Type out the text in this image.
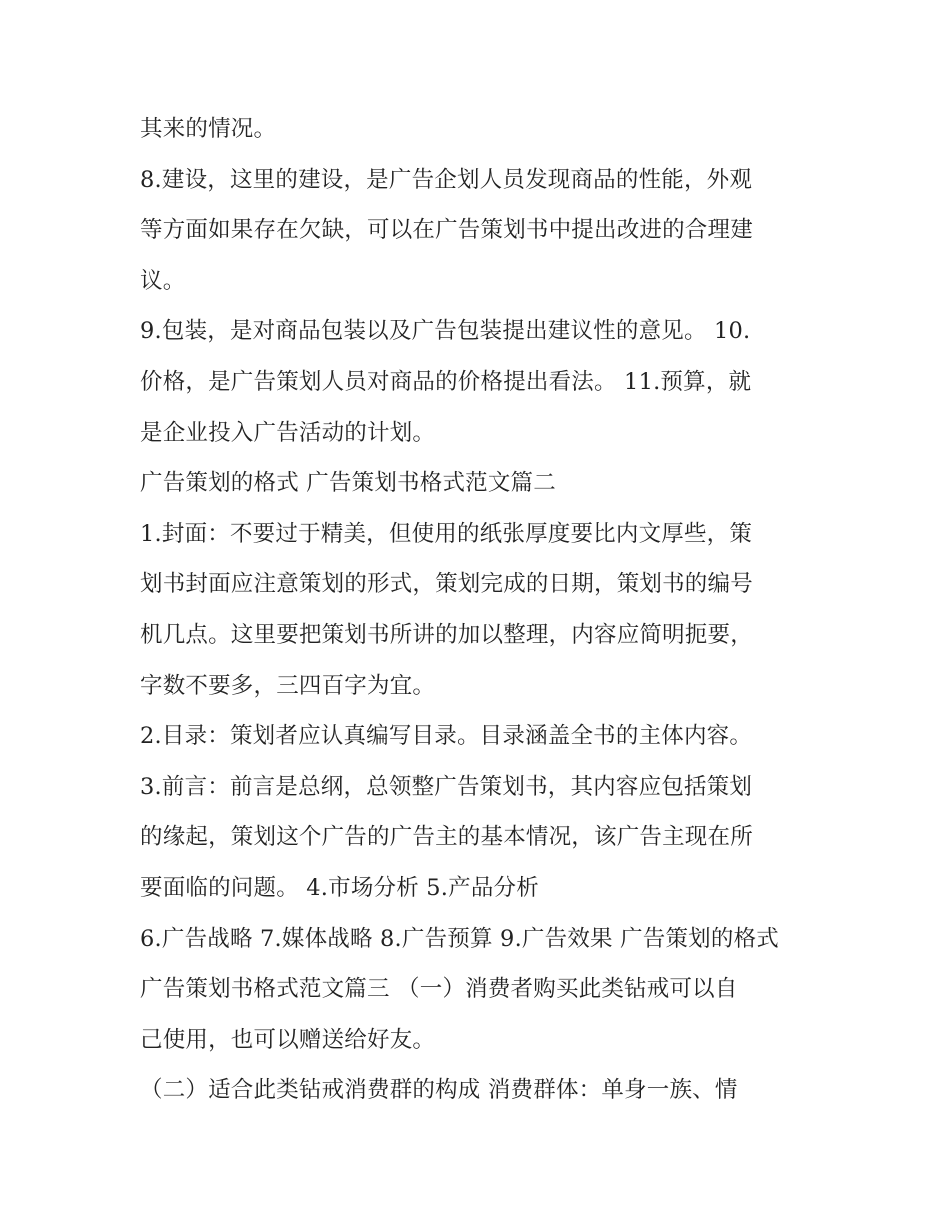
其来的情况。
8.建设，这里的建设，是广告企划人员发现商品的性能，外观
等方面如果存在欠缺，可以在广告策划书中提出改进的合理建
议。
9.包装，是对商品包装以及广告包装提出建议性的意见。 10.
价格，是广告策划人员对商品的价格提出看法。 11.预算，就
是企业投入广告活动的计划。
广告策划的格式 广告策划书格式范文篇二
1.封面：不要过于精美，但使用的纸张厚度要比内文厚些，策
划书封面应注意策划的形式，策划完成的日期，策划书的编号
机几点。这里要把策划书所讲的加以整理，内容应简明扼要，
字数不要多，三四百字为宜。
2.目录：策划者应认真编写目录。目录涵盖全书的主体内容。
3.前言：前言是总纲，总领整广告策划书，其内容应包括策划
的缘起，策划这个广告的广告主的基本情况，该广告主现在所
要面临的问题。 4.市场分析 5.产品分析
6.广告战略 7.媒体战略 8.广告预算 9.广告效果 广告策划的格式
广告策划书格式范文篇三 （一）消费者购买此类钻戒可以自
己使用，也可以赠送给好友。
（二）适合此类钻戒消费群的构成 消费群体：单身一族、情
